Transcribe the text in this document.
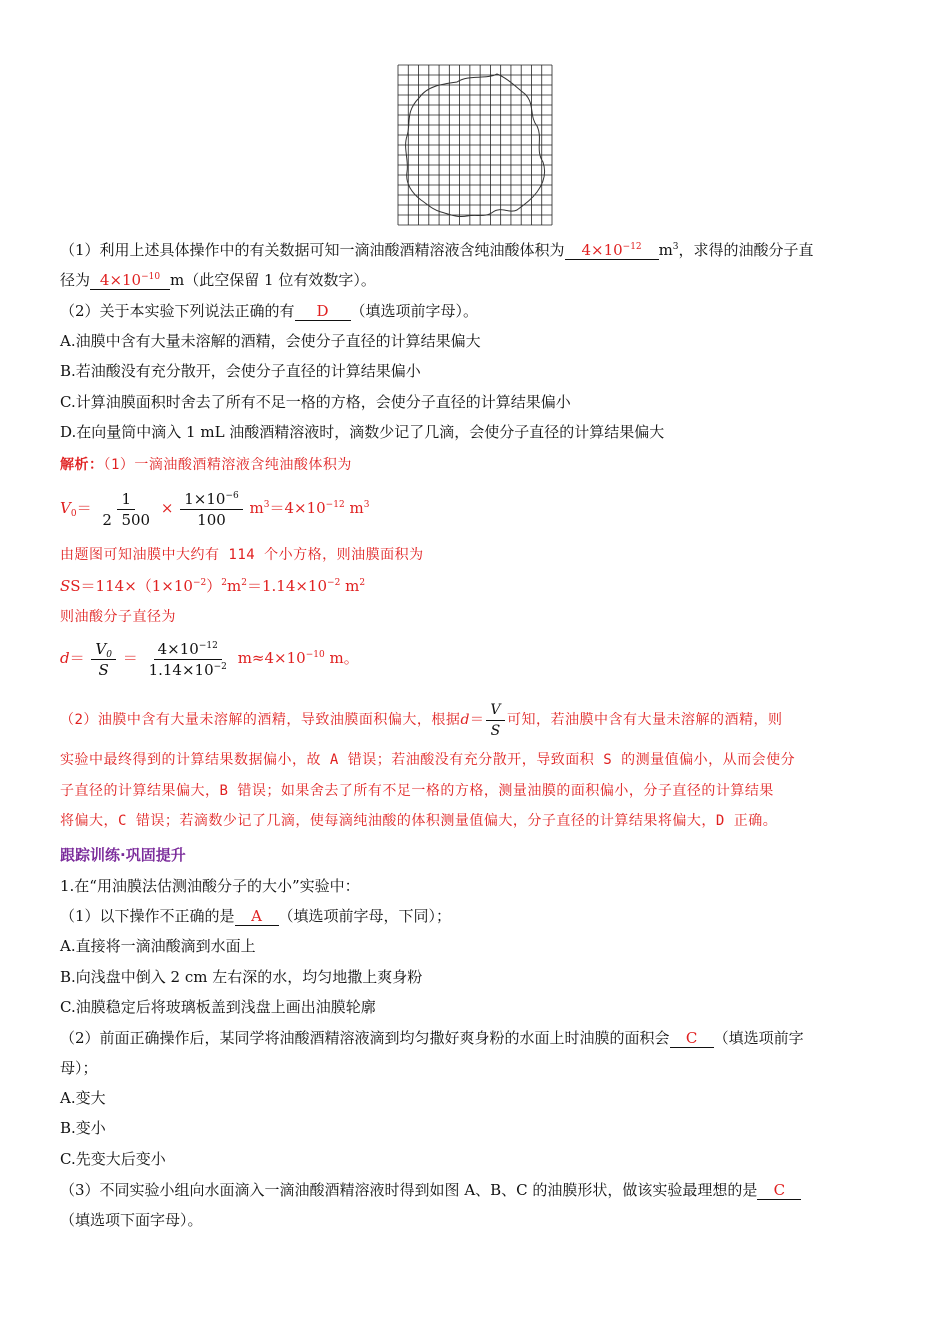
（1）利用上述具体操作中的有关数据可知一滴油酸酒精溶液含纯油酸体积为 $4\times 10^{-12}$ $m^3$，求得的油酸分子直
径为 $4\times 10^{-10}$ m（此空保留 1 位有效数字）。
（2）关于本实验下列说法正确的有 D （填选项前字母）。
A.油膜中含有大量未溶解的酒精，会使分子直径的计算结果偏大
B.若油酸没有充分散开，会使分子直径的计算结果偏小
C.计算油膜面积时舍去了所有不足一格的方格，会使分子直径的计算结果偏小
D.在向量筒中滴入 1 mL 油酸酒精溶液时，滴数少记了几滴，会使分子直径的计算结果偏大
解析：（1）一滴油酸酒精溶液含纯油酸体积为
$V_0= \frac{1}{2 500} \times \frac{1\times 10^{-6}}{100} m^3=4\times 10^{-12}$ $m^3$
由题图可知油膜中大约有 114 个小方格，则油膜面积为
$SS=114\times(1\times 10^{-2})^2m^2=1.14\times 10^{-2}$ $m^2$
则油酸分子直径为
$d= \frac{V_0}{S} = \frac{4\times 10^{-12}}{1.14\times 10^{-2}} m\approx 4\times 10^{-10}$ m。
（2）油膜中含有大量未溶解的酒精，导致油膜面积偏大，根据$d= \frac{V}{S}$ 可知，若油膜中含有大量未溶解的酒精，则
实验中最终得到的计算结果数据偏小，故 A 错误；若油酸没有充分散开，导致面积 S 的测量值偏小，从而会使分
子直径的计算结果偏大，B 错误；如果舍去了所有不足一格的方格，测量油膜的面积偏小，分子直径的计算结果
将偏大，C 错误；若滴数少记了几滴，使每滴纯油酸的体积测量值偏大，分子直径的计算结果将偏大，D 正确。
跟踪训练·巩固提升
1.在“用油膜法估测油酸分子的大小”实验中：
（1）以下操作不正确的是 A （填选项前字母，下同）；
A.直接将一滴油酸滴到水面上
B.向浅盘中倒入 2 cm 左右深的水，均匀地撒上爽身粉
C.油膜稳定后将玻璃板盖到浅盘上画出油膜轮廓
（2）前面正确操作后，某同学将油酸酒精溶液滴到均匀撒好爽身粉的水面上时油膜的面积会 C （填选项前字
母）；
A.变大
B.变小
C.先变大后变小
（3）不同实验小组向水面滴入一滴油酸酒精溶液时得到如图 A、B、C 的油膜形状，做该实验最理想的是 C
（填选项下面字母）。
